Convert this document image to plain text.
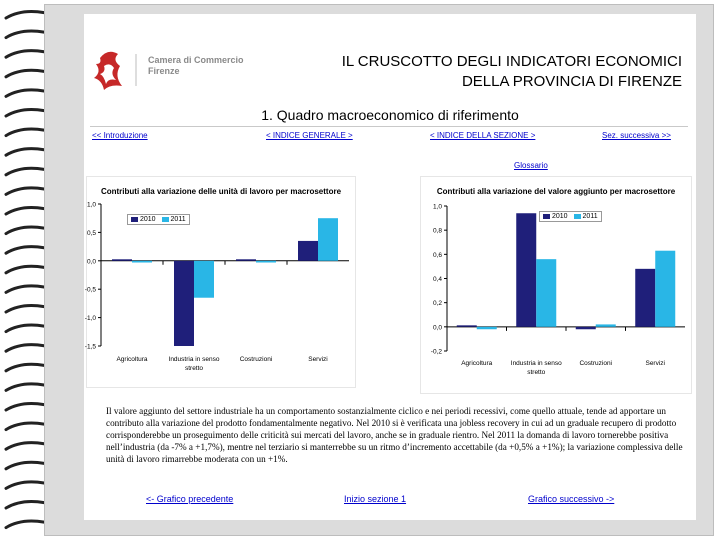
Camera di Commercio
Firenze
IL CRUSCOTTO DEGLI INDICATORI ECONOMICI
DELLA PROVINCIA DI FIRENZE
1. Quadro macroeconomico di riferimento
<< Introduzione	< INDICE GENERALE >	< INDICE DELLA SEZIONE >	Sez. successiva >>
Glossario
Contributi alla variazione delle unità di lavoro per macrosettore
1,0
0,5
0,0
-0,5
-1,0
-1,5
Agricoltura	Industria in senso
stretto
Costruzioni	Servizi
2010 2011
Contributi alla variazione del valore aggiunto per macrosettore
1,0
0,8
0,6
0,4
0,2
0,0
-0,2
Agricoltura	Industria in senso
stretto
Costruzioni	Servizi
2010 2011
Il valore aggiunto del settore industriale ha un comportamento sostanzialmente ciclico e nei periodi recessivi, come quello attuale, tende ad apportare un contributo alla variazione del prodotto fondamentalmente negativo. Nel 2010 si è verificata una jobless recovery in cui ad un graduale recupero di prodotto corrisponderebbe un proseguimento delle criticità sui mercati del lavoro, anche se in graduale rientro. Nel 2011 la domanda di lavoro tornerebbe positiva nell’industria (da -7% a +1,7%), mentre nel terziario si manterrebbe su un ritmo d’incremento accettabile (da +0,5% a +1%); la variazione complessiva delle unità di lavoro rimarrebbe moderata con un +1%.
<- Grafico precedente	Inizio sezione 1	Grafico successivo ->
